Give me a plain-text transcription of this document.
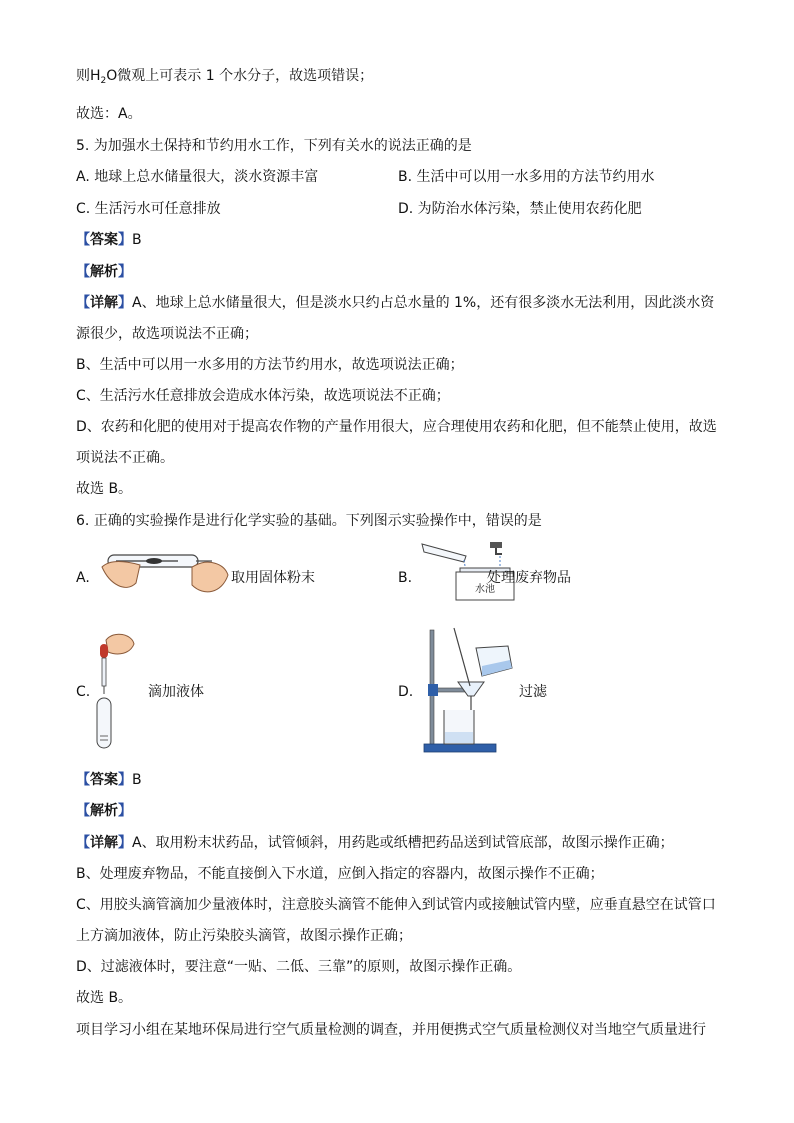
则$H_2O$微观上可表示 1 个水分子，故选项错误；
故选：A。
5. 为加强水土保持和节约用水工作，下列有关水的说法正确的是
A. 地球上总水储量很大，淡水资源丰富	B. 生活中可以用一水多用的方法节约用水
C. 生活污水可任意排放	D. 为防治水体污染，禁止使用农药化肥
【答案】B
【解析】
【详解】A、地球上总水储量很大，但是淡水只约占总水量的 1%，还有很多淡水无法利用，因此淡水资
源很少，故选项说法不正确；
B、生活中可以用一水多用的方法节约用水，故选项说法正确；
C、生活污水任意排放会造成水体污染，故选项说法不正确；
D、农药和化肥的使用对于提高农作物的产量作用很大，应合理使用农药和化肥，但不能禁止使用，故选
项说法不正确。
故选 B。
6. 正确的实验操作是进行化学实验的基础。下列图示实验操作中，错误的是
A.	取用固体粉末	B.
水池
处理废弃物品
C.	滴加液体	D.	过滤
【答案】B
【解析】
【详解】A、取用粉末状药品，试管倾斜，用药匙或纸槽把药品送到试管底部，故图示操作正确；
B、处理废弃物品，不能直接倒入下水道，应倒入指定的容器内，故图示操作不正确；
C、用胶头滴管滴加少量液体时，注意胶头滴管不能伸入到试管内或接触试管内壁，应垂直悬空在试管口
上方滴加液体，防止污染胶头滴管，故图示操作正确；
D、过滤液体时，要注意“一贴、二低、三靠”的原则，故图示操作正确。
故选 B。
项目学习小组在某地环保局进行空气质量检测的调查，并用便携式空气质量检测仪对当地空气质量进行
